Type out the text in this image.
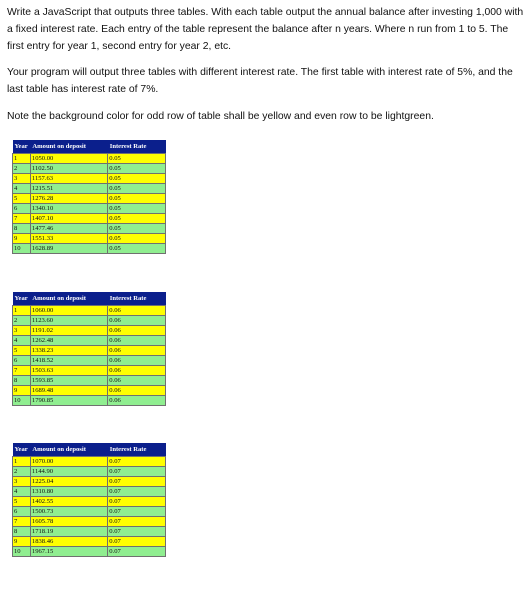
Write a JavaScript that outputs three tables. With each table output the annual balance after investing 1,000 with a fixed interest rate. Each entry of the table represent the balance after n years. Where n run from 1 to 5. The first entry for year 1, second entry for year 2, etc.

Your program will output three tables with different interest rate. The first table with interest rate of 5%, and the last table has interest rate of 7%.

Note the background color for odd row of table shall be yellow and even row to be lightgreen.

Year	Amount on deposit	Interest Rate
1	1050.00	0.05
2	1102.50	0.05
3	1157.63	0.05
4	1215.51	0.05
5	1276.28	0.05
6	1340.10	0.05
7	1407.10	0.05
8	1477.46	0.05
9	1551.33	0.05
10	1628.89	0.05
Year	Amount on deposit	Interest Rate
1	1060.00	0.06
2	1123.60	0.06
3	1191.02	0.06
4	1262.48	0.06
5	1338.23	0.06
6	1418.52	0.06
7	1503.63	0.06
8	1593.85	0.06
9	1689.48	0.06
10	1790.85	0.06
Year	Amount on deposit	Interest Rate
1	1070.00	0.07
2	1144.90	0.07
3	1225.04	0.07
4	1310.80	0.07
5	1402.55	0.07
6	1500.73	0.07
7	1605.78	0.07
8	1718.19	0.07
9	1838.46	0.07
10	1967.15	0.07
